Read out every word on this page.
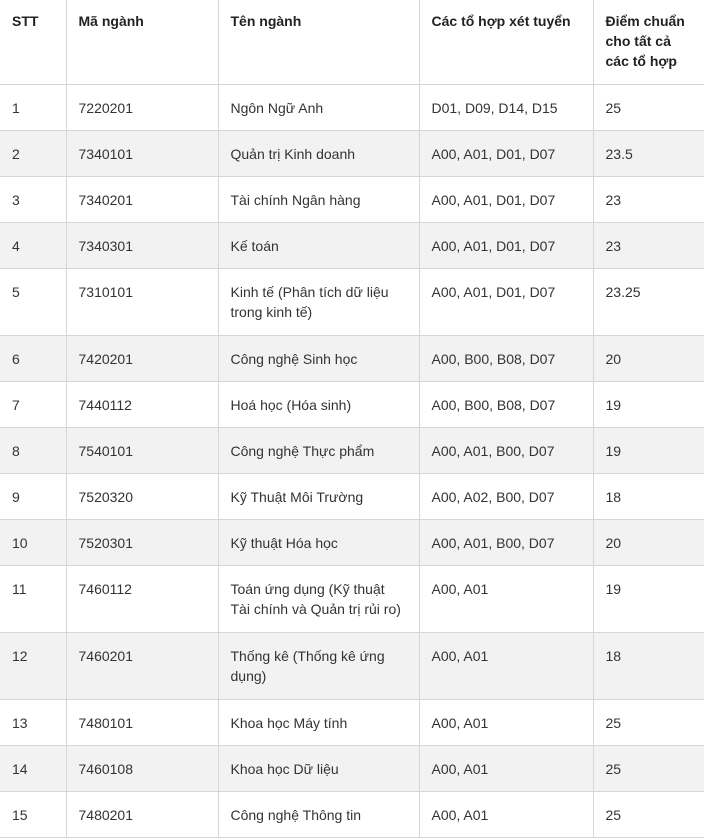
STT	Mã ngành	Tên ngành	Các tổ hợp xét tuyển	Điểm chuẩn cho tất cả các tổ hợp
1	7220201	Ngôn Ngữ Anh	D01, D09, D14, D15	25
2	7340101	Quản trị Kinh doanh	A00, A01, D01, D07	23.5
3	7340201	Tài chính Ngân hàng	A00, A01, D01, D07	23
4	7340301	Kế toán	A00, A01, D01, D07	23
5	7310101	Kinh tế (Phân tích dữ liệu trong kinh tế)	A00, A01, D01, D07	23.25
6	7420201	Công nghệ Sinh học	A00, B00, B08, D07	20
7	7440112	Hoá học (Hóa sinh)	A00, B00, B08, D07	19
8	7540101	Công nghệ Thực phẩm	A00, A01, B00, D07	19
9	7520320	Kỹ Thuật Môi Trường	A00, A02, B00, D07	18
10	7520301	Kỹ thuật Hóa học	A00, A01, B00, D07	20
11	7460112	Toán ứng dụng (Kỹ thuật Tài chính và Quản trị rủi ro)	A00, A01	19
12	7460201	Thống kê (Thống kê ứng dụng)	A00, A01	18
13	7480101	Khoa học Máy tính	A00, A01	25
14	7460108	Khoa học Dữ liệu	A00, A01	25
15	7480201	Công nghệ Thông tin	A00, A01	25
